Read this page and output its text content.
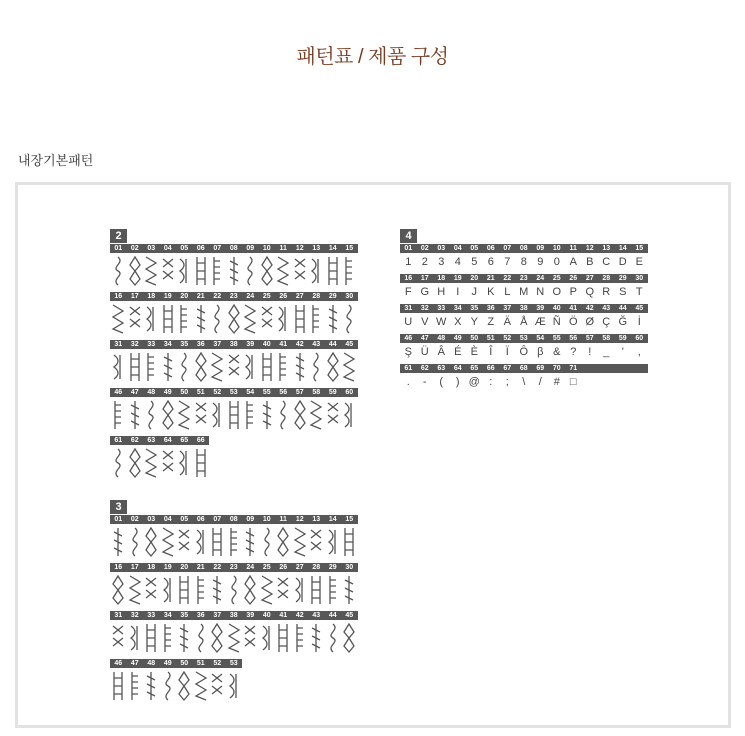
패턴표 / 제품 구성
내장기본패턴
2
01	02	03	04	05	06	07	08	09	10	11	12	13	14	15
16	17	18	19	20	21	22	23	24	25	26	27	28	29	30
31	32	33	34	35	36	37	38	39	40	41	42	43	44	45
46	47	48	49	50	51	52	53	54	55	56	57	58	59	60
61	62	63	64	65	66
3
01	02	03	04	05	06	07	08	09	10	11	12	13	14	15
16	17	18	19	20	21	22	23	24	25	26	27	28	29	30
31	32	33	34	35	36	37	38	39	40	41	42	43	44	45
46	47	48	49	50	51	52	53
4
01	02	03	04	05	06	07	08	09	10	11	12	13	14	15
1 2 3 4 5 6 7 8 9 0 A B C D E
16	17	18	19	20	21	22	23	24	25	26	27	28	29	30
F G H	I	J K L M N O P Q R S T
31	32	33	34	35	36	37	38	39	40	41	42	43	44	45
U V W X Y Z Ä Å Æ Ñ Ö Ø Ç Ğ İ
46	47	48	49	50	51	52	53	54	55	56	57	58	59	60
Ş Ü Â É È	Î	Ï Ô β & ?	!	_	'	,
61	62	63	64	65	66	67	68	69	70	71
.	-	(	) @ :	;	\	/	# □
